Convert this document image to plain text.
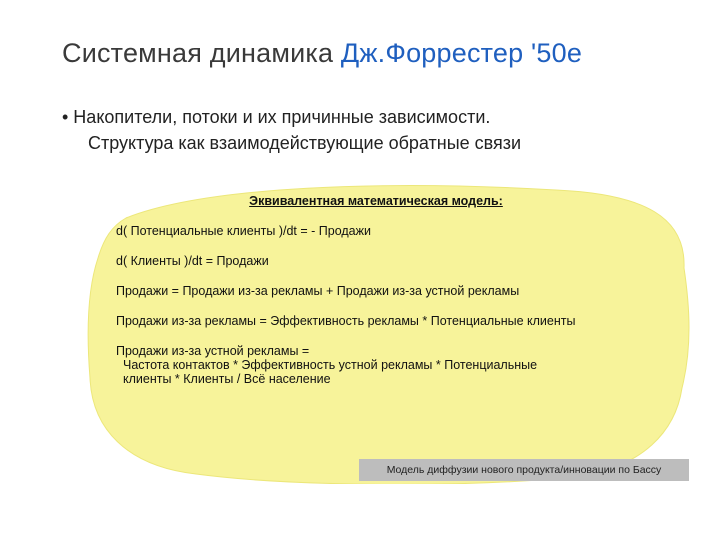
Системная динамика Дж.Форрестер '50е
• Накопители, потоки и их причинные зависимости.
Структура как взаимодействующие обратные связи
Эквивалентная математическая модель:
d( Потенциальные клиенты )/dt = - Продажи
d( Клиенты )/dt = Продажи
Продажи = Продажи из-за рекламы + Продажи из-за устной рекламы
Продажи из-за рекламы = Эффективность рекламы * Потенциальные клиенты
Продажи из-за устной рекламы =
Частота контактов * Эффективность устной рекламы * Потенциальные
клиенты * Клиенты / Всё население
Модель диффузии нового продукта/инновации по Бассу
